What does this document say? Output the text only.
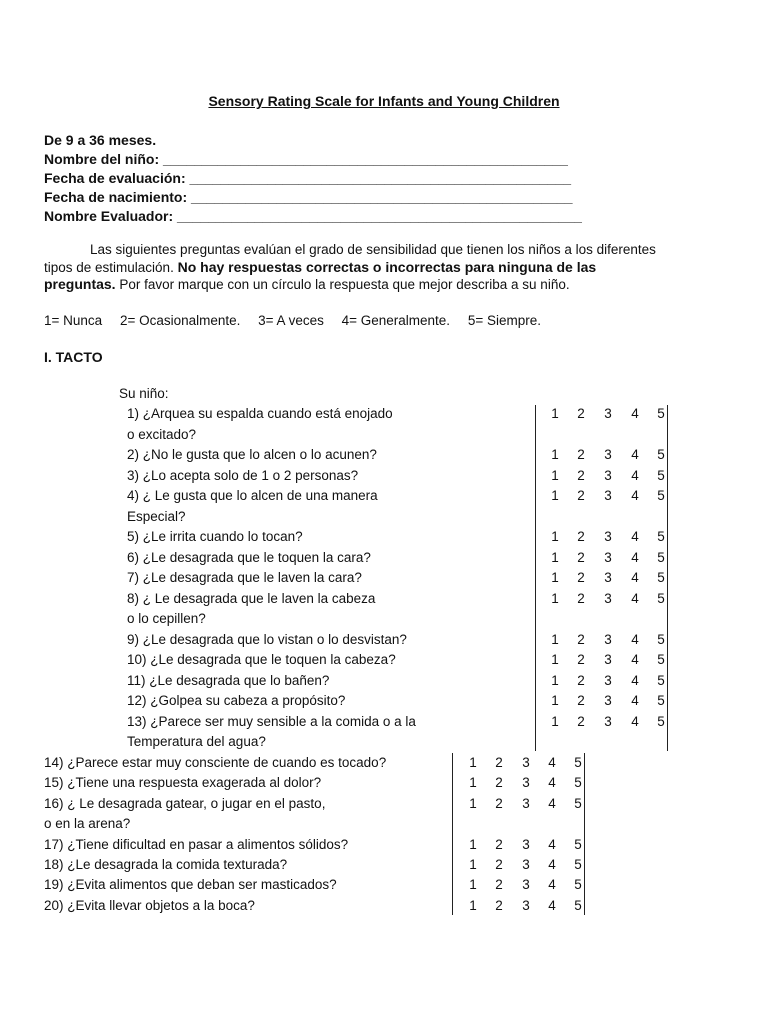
Sensory Rating Scale for Infants and Young Children
De 9 a 36 meses.
Nombre del niño: ____________________________________________________
Fecha de evaluación: _________________________________________________
Fecha de nacimiento: _________________________________________________
Nombre Evaluador: ____________________________________________________
Las siguientes preguntas evalúan el grado de sensibilidad que tienen los niños a los diferentes tipos de estimulación. No hay respuestas correctas o incorrectas para ninguna de las preguntas. Por favor marque con un círculo la respuesta que mejor describa a su niño.
1= Nunca 2= Ocasionalmente. 3= A veces 4= Generalmente. 5= Siempre.
I. TACTO
Su niño:
1) ¿Arquea su espalda cuando está enojado
o excitado?
1 2 3 4 5
2) ¿No le gusta que lo alcen o lo acunen?	1 2 3 4 5
3) ¿Lo acepta solo de 1 o 2 personas?	1 2 3 4 5
4) ¿ Le gusta que lo alcen de una manera
Especial?
1 2 3 4 5
5) ¿Le irrita cuando lo tocan?	1 2 3 4 5
6) ¿Le desagrada que le toquen la cara?	1 2 3 4 5
7) ¿Le desagrada que le laven la cara?	1 2 3 4 5
8) ¿ Le desagrada que le laven la cabeza
o lo cepillen?
1 2 3 4 5
9) ¿Le desagrada que lo vistan o lo desvistan?	1 2 3 4 5
10) ¿Le desagrada que le toquen la cabeza?	1 2 3 4 5
11) ¿Le desagrada que lo bañen?	1 2 3 4 5
12) ¿Golpea su cabeza a propósito?	1 2 3 4 5
13) ¿Parece ser muy sensible a la comida o a la
Temperatura del agua?
1 2 3 4 5
14) ¿Parece estar muy consciente de cuando es tocado?	1 2 3 4 5
15) ¿Tiene una respuesta exagerada al dolor?	1 2 3 4 5
16) ¿ Le desagrada gatear, o jugar en el pasto,
o en la arena?
1 2 3 4 5
17) ¿Tiene dificultad en pasar a alimentos sólidos?	1 2 3 4 5
18) ¿Le desagrada la comida texturada?	1 2 3 4 5
19) ¿Evita alimentos que deban ser masticados?	1 2 3 4 5
20) ¿Evita llevar objetos a la boca?	1 2 3 4 5
